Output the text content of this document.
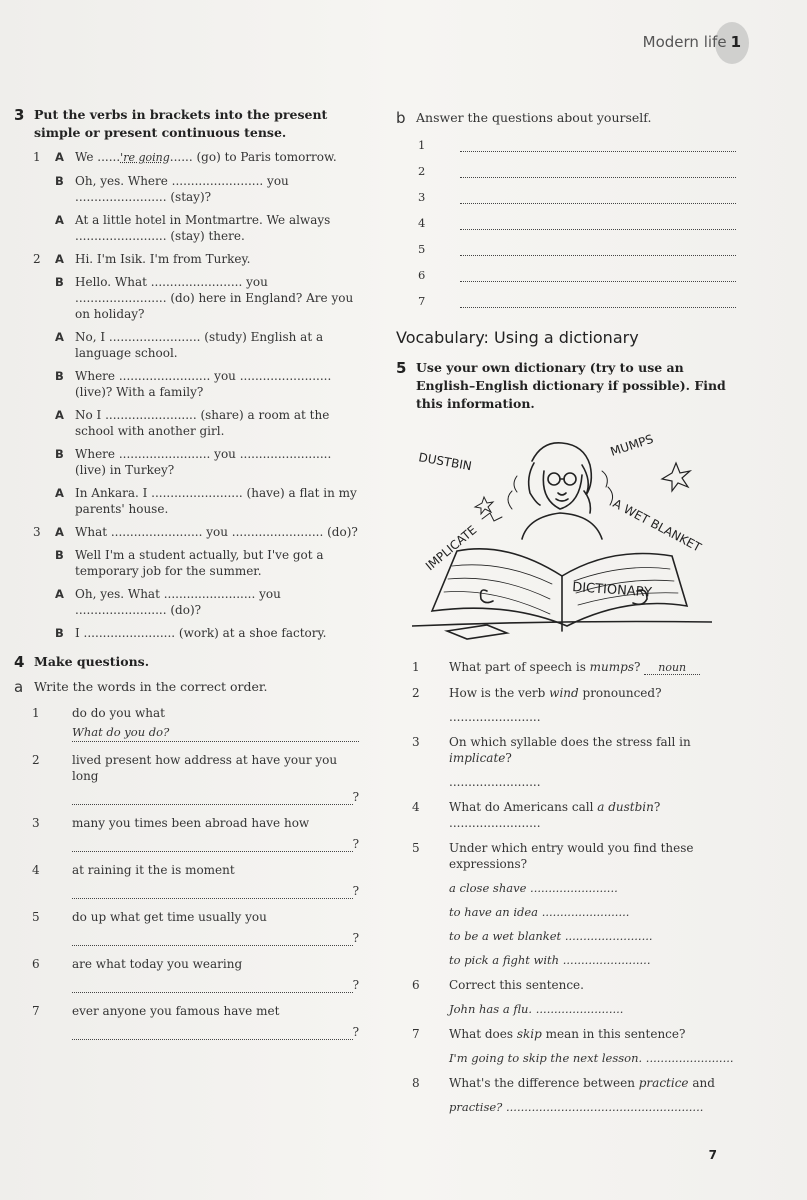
Modern life 1
3 Put the verbs in brackets into the present simple or present continuous tense.
1	A We ......'re going...... (go) to Paris tomorrow.
B Oh, yes. Where ........................ you ........................ (stay)?
A At a little hotel in Montmartre. We always ........................ (stay) there.
2	A Hi. I'm Isik. I'm from Turkey.
B Hello. What ........................ you ........................ (do) here in England? Are you on holiday?
A No, I ........................ (study) English at a language school.
B Where ........................ you ........................ (live)? With a family?
A No I ........................ (share) a room at the school with another girl.
B Where ........................ you ........................ (live) in Turkey?
A In Ankara. I ........................ (have) a flat in my parents' house.
3	A What ........................ you ........................ (do)?
B Well I'm a student actually, but I've got a temporary job for the summer.
A Oh, yes. What ........................ you ........................ (do)?
B I ........................ (work) at a shoe factory.
4 Make questions.
a Write the words in the correct order.
1	do do you what
What do you do?
2	lived present how address at have your you long
?
3	many you times been abroad have how
?
4	at raining it the is moment
?
5	do up what get time usually you
?
6	are what today you wearing
?
7	ever anyone you famous have met
?
b Answer the questions about yourself.
1
2
3
4
5
6
7
Vocabulary: Using a dictionary
5 Use your own dictionary (try to use an English–English dictionary if possible). Find this information.
DUSTBIN
MUMPS
A WET BLANKET
IMPLICATE
DICTIONARY
1	What part of speech is mumps? noun
2	How is the verb wind pronounced?
........................
3	On which syllable does the stress fall in implicate?
........................
4	What do Americans call a dustbin? ........................
5	Under which entry would you find these expressions?
a close shave ........................
to have an idea ........................
to be a wet blanket ........................
to pick a fight with ........................
6	Correct this sentence.
John has a flu. ........................
7	What does skip mean in this sentence?
I'm going to skip the next lesson. ........................
8	What's the difference between practice and
practise? ......................................................
7
